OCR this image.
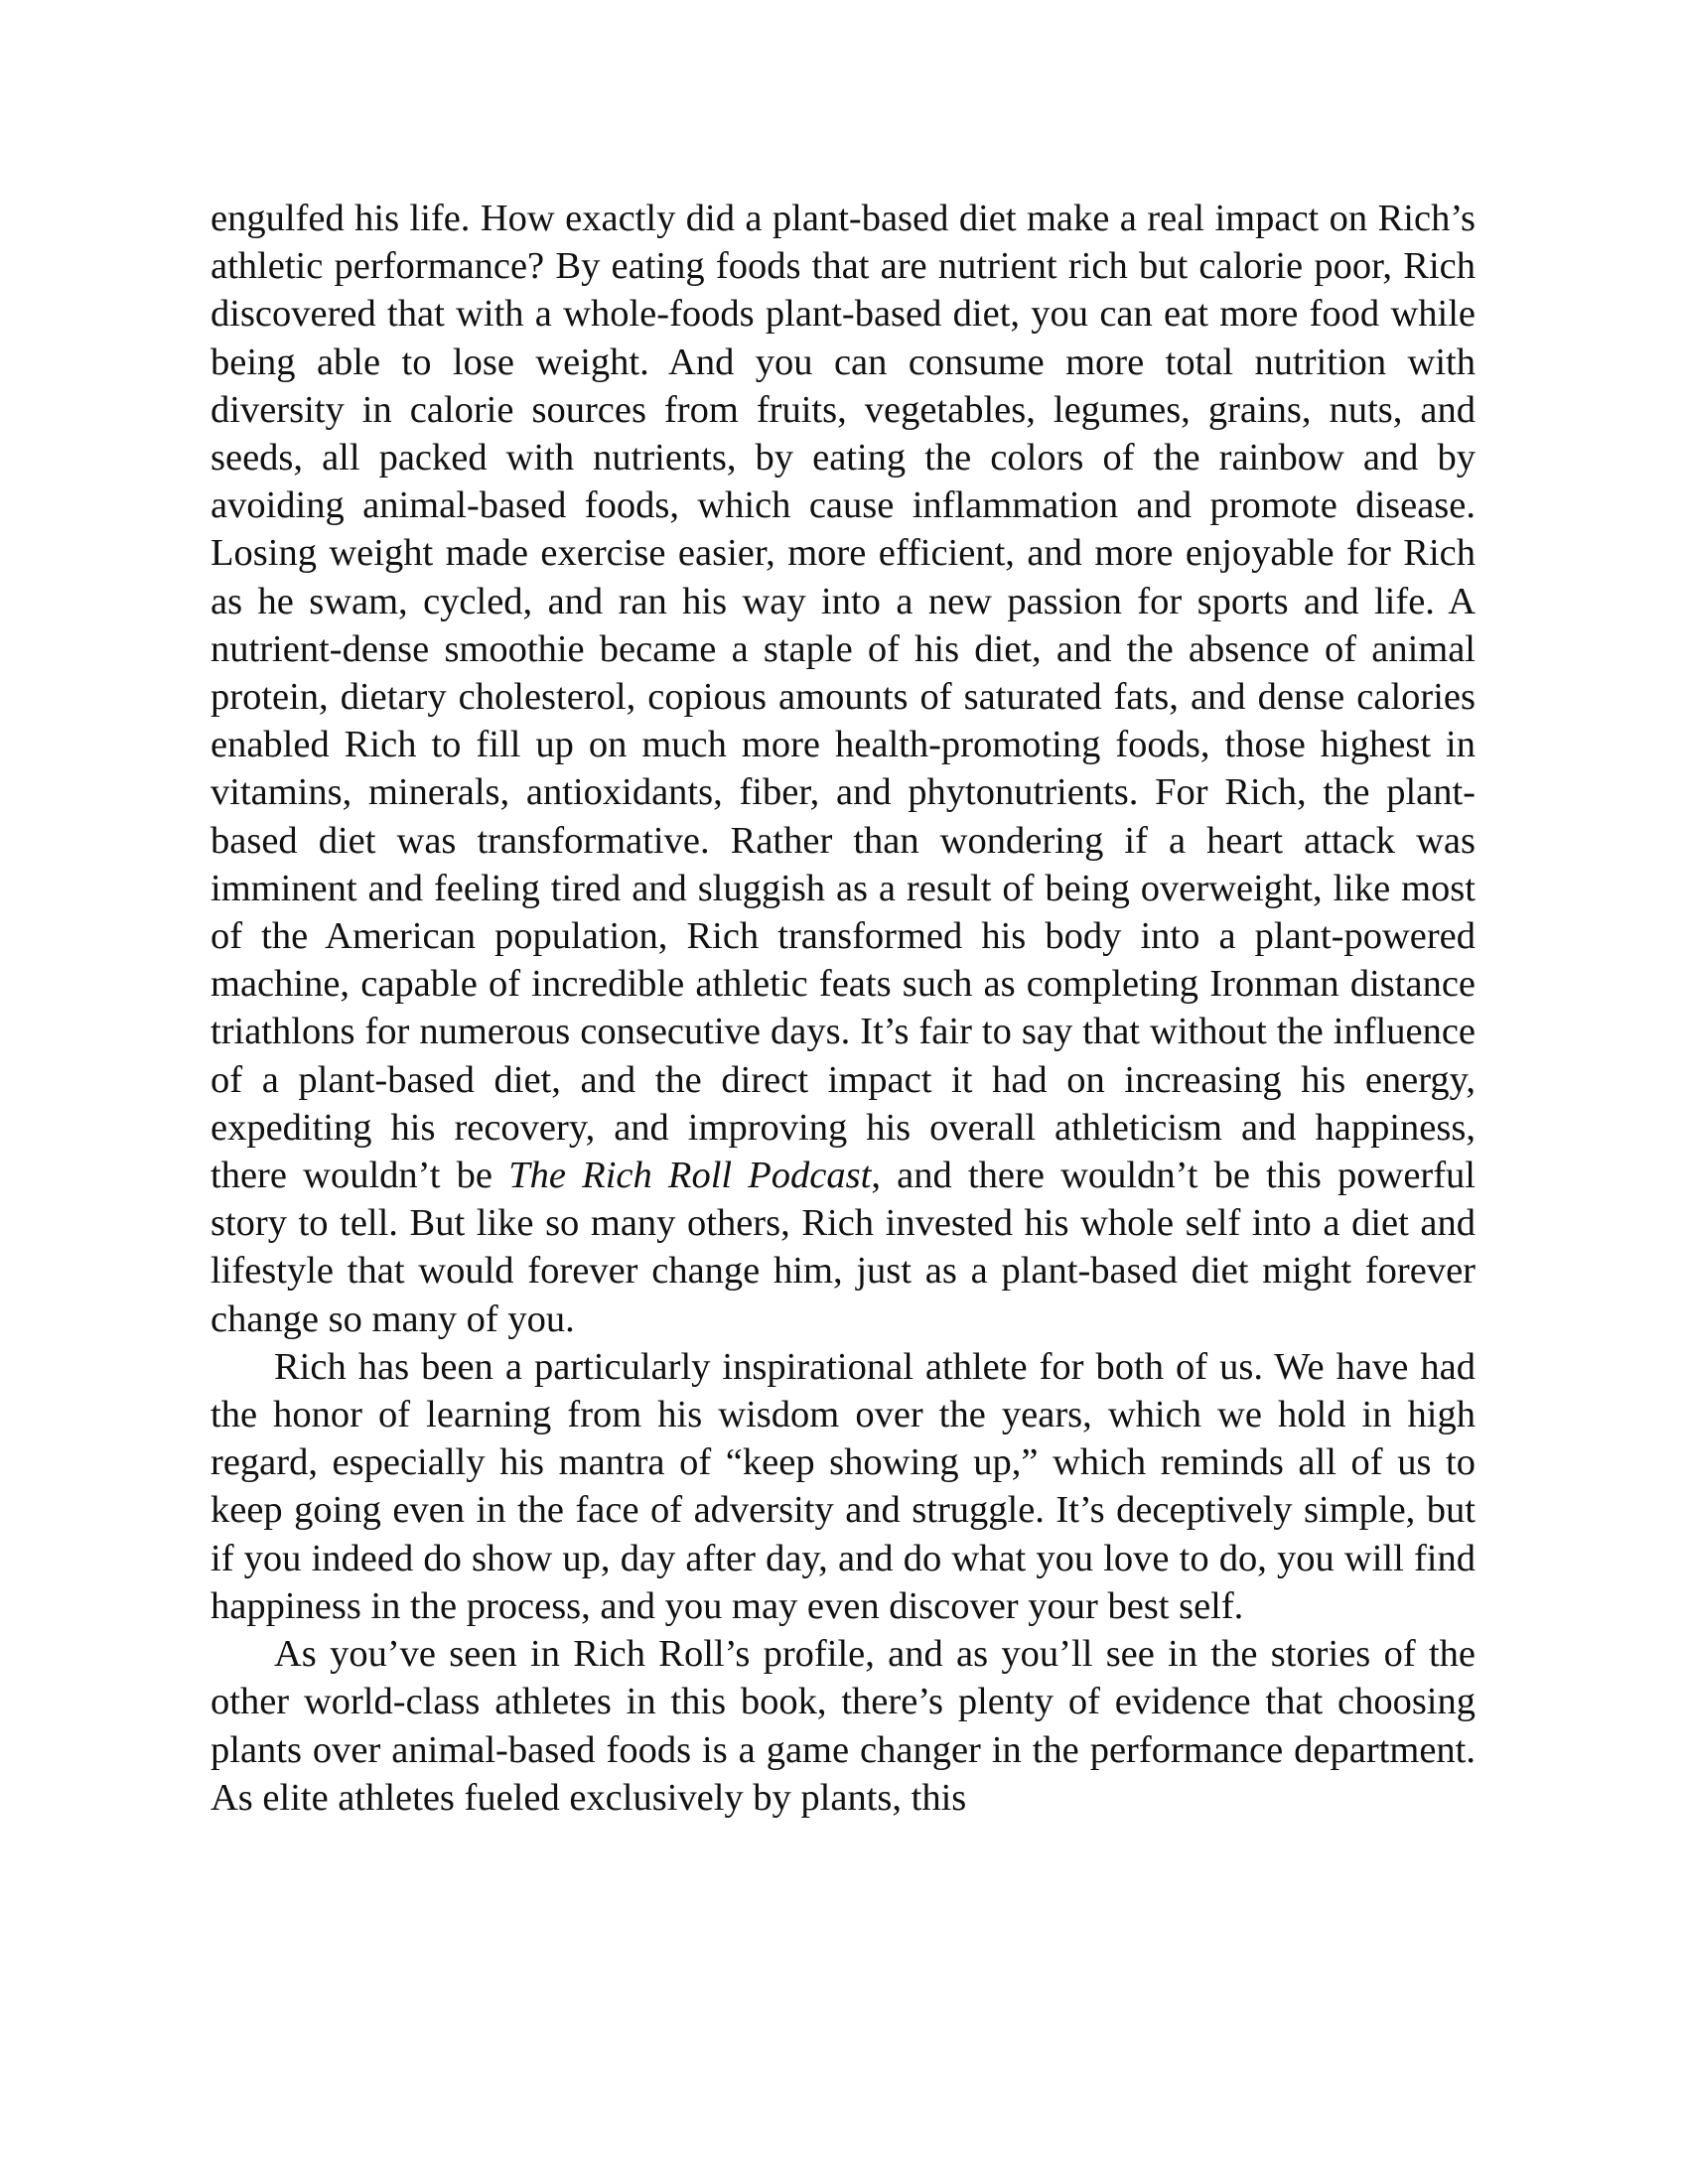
engulfed his life. How exactly did a plant-based diet make a real impact on Rich’s athletic performance? By eating foods that are nutrient rich but calorie poor, Rich discovered that with a whole-foods plant-based diet, you can eat more food while being able to lose weight. And you can consume more total nutrition with diversity in calorie sources from fruits, vegetables, legumes, grains, nuts, and seeds, all packed with nutrients, by eating the colors of the rainbow and by avoiding animal-based foods, which cause inflammation and promote disease. Losing weight made exercise easier, more efficient, and more enjoyable for Rich as he swam, cycled, and ran his way into a new passion for sports and life. A nutrient-dense smoothie became a staple of his diet, and the absence of animal protein, dietary cholesterol, copious amounts of saturated fats, and dense calories enabled Rich to fill up on much more health-promoting foods, those highest in vitamins, minerals, antioxidants, fiber, and phytonutrients. For Rich, the plant-based diet was transformative. Rather than wondering if a heart attack was imminent and feeling tired and sluggish as a result of being overweight, like most of the American population, Rich transformed his body into a plant-powered machine, capable of incredible athletic feats such as completing Ironman distance triathlons for numerous consecutive days. It’s fair to say that without the influence of a plant-based diet, and the direct impact it had on increasing his energy, expediting his recovery, and improving his overall athleticism and happiness, there wouldn’t be The Rich Roll Podcast, and there wouldn’t be this powerful story to tell. But like so many others, Rich invested his whole self into a diet and lifestyle that would forever change him, just as a plant-based diet might forever change so many of you.

Rich has been a particularly inspirational athlete for both of us. We have had the honor of learning from his wisdom over the years, which we hold in high regard, especially his mantra of “keep showing up,” which reminds all of us to keep going even in the face of adversity and struggle. It’s deceptively simple, but if you indeed do show up, day after day, and do what you love to do, you will find happiness in the process, and you may even discover your best self.

As you’ve seen in Rich Roll’s profile, and as you’ll see in the stories of the other world-class athletes in this book, there’s plenty of evidence that choosing plants over animal-based foods is a game changer in the performance department. As elite athletes fueled exclusively by plants, this
